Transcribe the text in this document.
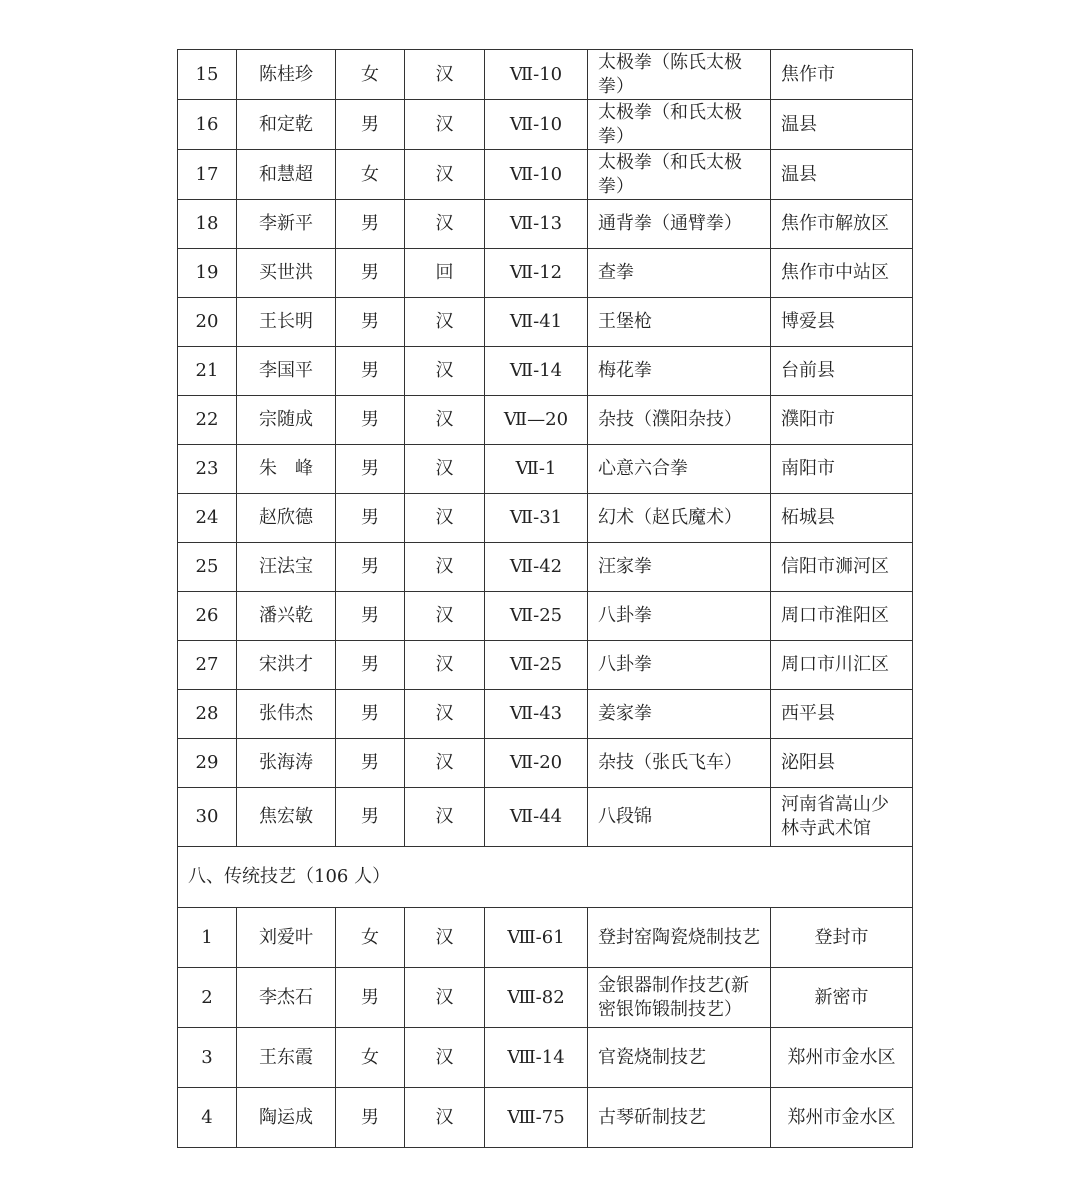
15	陈桂珍	女	汉	Ⅶ-10	太极拳（陈氏太极拳）	焦作市
16	和定乾	男	汉	Ⅶ-10	太极拳（和氏太极拳）	温县
17	和慧超	女	汉	Ⅶ-10	太极拳（和氏太极拳）	温县
18	李新平	男	汉	Ⅶ-13	通背拳（通臂拳）	焦作市解放区
19	买世洪	男	回	Ⅶ-12	查拳	焦作市中站区
20	王长明	男	汉	Ⅶ-41	王堡枪	博爱县
21	李国平	男	汉	Ⅶ-14	梅花拳	台前县
22	宗随成	男	汉	Ⅶ—20	杂技（濮阳杂技）	濮阳市
23	朱　峰	男	汉	Ⅶ-1	心意六合拳	南阳市
24	赵欣德	男	汉	Ⅶ-31	幻术（赵氏魔术）	柘城县
25	汪法宝	男	汉	Ⅶ-42	汪家拳	信阳市浉河区
26	潘兴乾	男	汉	Ⅶ-25	八卦拳	周口市淮阳区
27	宋洪才	男	汉	Ⅶ-25	八卦拳	周口市川汇区
28	张伟杰	男	汉	Ⅶ-43	姜家拳	西平县
29	张海涛	男	汉	Ⅶ-20	杂技（张氏飞车）	泌阳县
30	焦宏敏	男	汉	Ⅶ-44	八段锦	河南省嵩山少林寺武术馆
八、传统技艺（106 人）						
1	刘爱叶	女	汉	Ⅷ-61	登封窑陶瓷烧制技艺	登封市
2	李杰石	男	汉	Ⅷ-82	金银器制作技艺(新密银饰锻制技艺）	新密市
3	王东霞	女	汉	Ⅷ-14	官瓷烧制技艺	郑州市金水区
4	陶运成	男	汉	Ⅷ-75	古琴斫制技艺	郑州市金水区
